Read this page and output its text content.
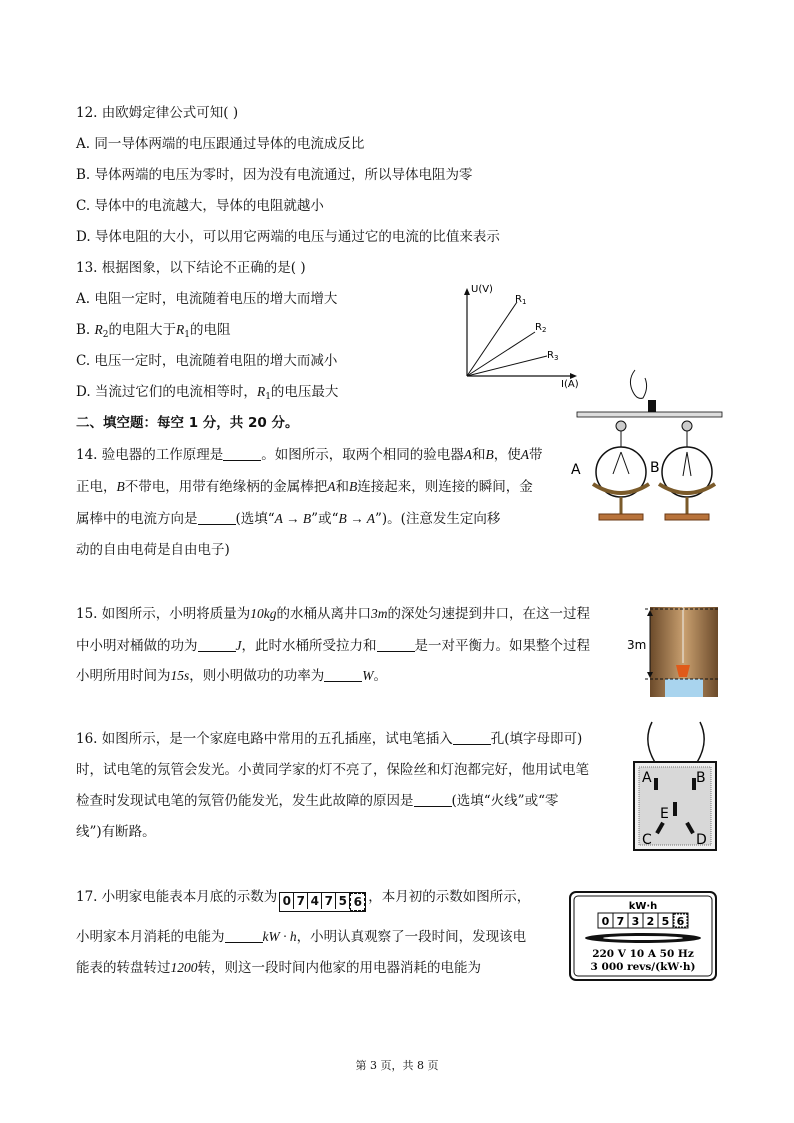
12. 由欧姆定律公式可知( )
A. 同一导体两端的电压跟通过导体的电流成反比
B. 导体两端的电压为零时，因为没有电流通过，所以导体电阻为零
C. 导体中的电流越大，导体的电阻就越小
D. 导体电阻的大小，可以用它两端的电压与通过它的电流的比值来表示
13. 根据图象，以下结论不正确的是( )
A. 电阻一定时，电流随着电压的增大而增大
B. $R_2$的电阻大于$R_1$的电阻
C. 电压一定时，电流随着电阻的增大而减小
D. 当流过它们的电流相等时，$R_1$的电压最大
U(V)
I(A)
$R_1$
$R_2$
$R_3$
二、填空题：每空 1 分，共 20 分。
14. 验电器的工作原理是	。如图所示，取两个相同的验电器A和B，使A带
正电，B不带电，用带有绝缘柄的金属棒把A和B连接起来，则连接的瞬间，金
属棒中的电流方向是	(选填“A → B”或“B → A”)。(注意发生定向移
动的自由电荷是自由电子)
A	B
15. 如图所示，小明将质量为10kg的水桶从离井口3m的深处匀速提到井口，在这一过程
中小明对桶做的功为	J，此时水桶所受拉力和	是一对平衡力。如果整个过程
小明所用时间为15s，则小明做功的功率为	W。
3m
16. 如图所示，是一个家庭电路中常用的五孔插座，试电笔插入	孔(填字母即可)
时，试电笔的氖管会发光。小黄同学家的灯不亮了，保险丝和灯泡都完好，他用试电笔
检查时发现试电笔的氖管仍能发光，发生此故障的原因是	(选填“火线”或“零
线”)有断路。
A	B
E
C	D
17. 小明家电能表本月底的示数为 0 7 4 7 5 6 ，本月初的示数如图所示，
小明家本月消耗的电能为	kW · h，小明认真观察了一段时间，发现该电
能表的转盘转过1200转，则这一段时间内他家的用电器消耗的电能为
kW·h
0 7 3 2 5 6
220 V 10 A 50 Hz
3 000 revs/(kW·h)
第 3 页，共 8 页
